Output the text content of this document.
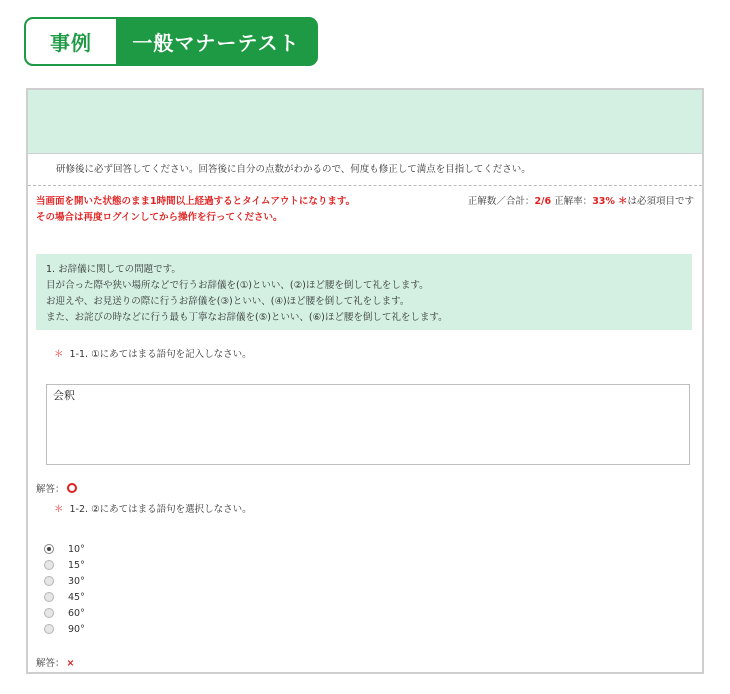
事例	一般マナーテスト
研修後に必ず回答してください。回答後に自分の点数がわかるので、何度も修正して満点を目指してください。
当画面を開いた状態のまま1時間以上経過するとタイムアウトになります。
その場合は再度ログインしてから操作を行ってください。
正解数／合計：2/6 正解率：33% ＊は必須項目です
1. お辞儀に関しての問題です。
目が合った際や狭い場所などで行うお辞儀を(①)といい、(②)ほど腰を倒して礼をします。
お迎えや、お見送りの際に行うお辞儀を(③)といい、(④)ほど腰を倒して礼をします。
また、お詫びの時などに行う最も丁寧なお辞儀を(⑤)といい、(⑥)ほど腰を倒して礼をします。
＊ 1-1. ①にあてはまる語句を記入しなさい。
会釈
解答：
＊ 1-2. ②にあてはまる語句を選択しなさい。
10°
15°
30°
45°
60°
90°
解答： ×
